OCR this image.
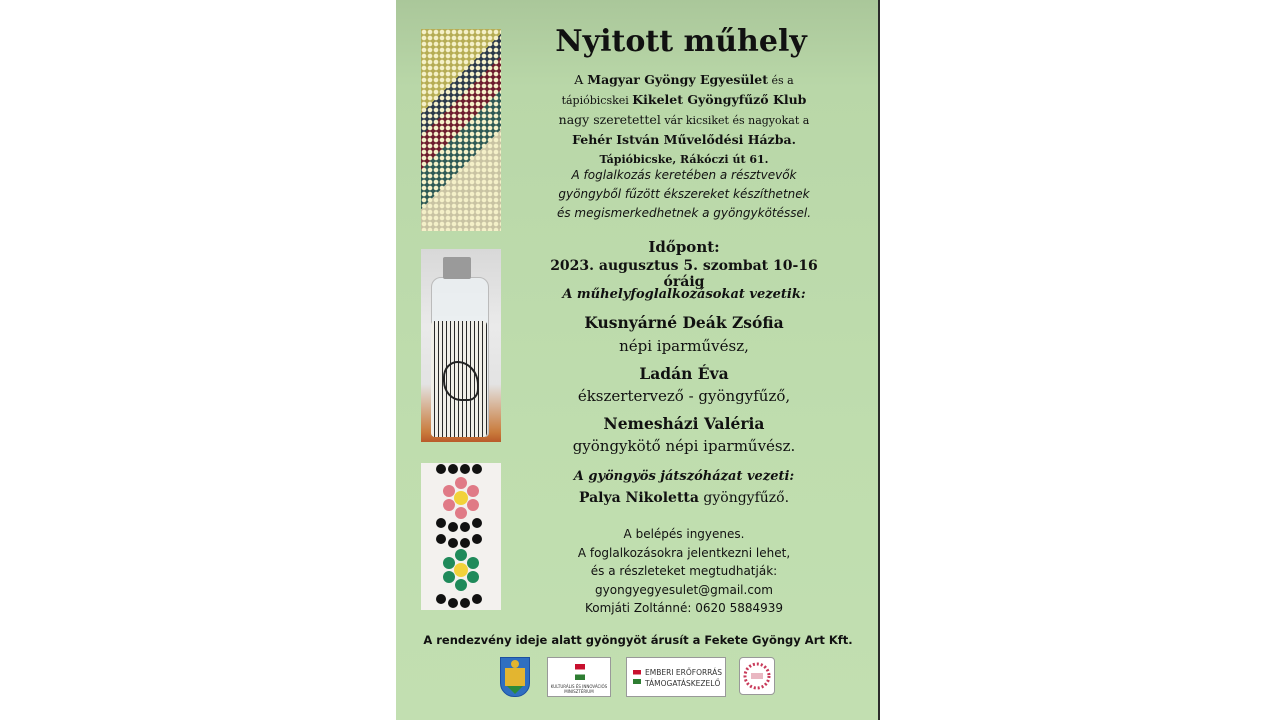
Nyitott műhely
A Magyar Gyöngy Egyesület és a
tápióbicskei Kikelet Gyöngyfűző Klub
nagy szeretettel vár kicsiket és nagyokat a
Fehér István Művelődési Házba.
Tápióbicske, Rákóczi út 61.
A foglalkozás keretében a résztvevők
gyöngyből fűzött ékszereket készíthetnek
és megismerkedhetnek a gyöngykötéssel.
Időpont:
2023. augusztus 5. szombat 10-16 óráig
A műhelyfoglalkozásokat vezetik:
Kusnyárné Deák Zsófia
népi iparművész,
Ladán Éva
ékszertervező - gyöngyfűző,
Nemesházi Valéria
gyöngykötő népi iparművész.
A gyöngyös játszóházat vezeti:
Palya Nikoletta gyöngyfűző.
A belépés ingyenes.
A foglalkozásokra jelentkezni lehet,
és a részleteket megtudhatják:
gyongyegyesulet@gmail.com
Komjáti Zoltánné: 0620 5884939
A rendezvény ideje alatt gyöngyöt árusít a Fekete Gyöngy Art Kft.
KULTURÁLIS ÉS INNOVÁCIÓS MINISZTÉRIUM
EMBERI ERŐFORRÁS
TÁMOGATÁSKEZELŐ
